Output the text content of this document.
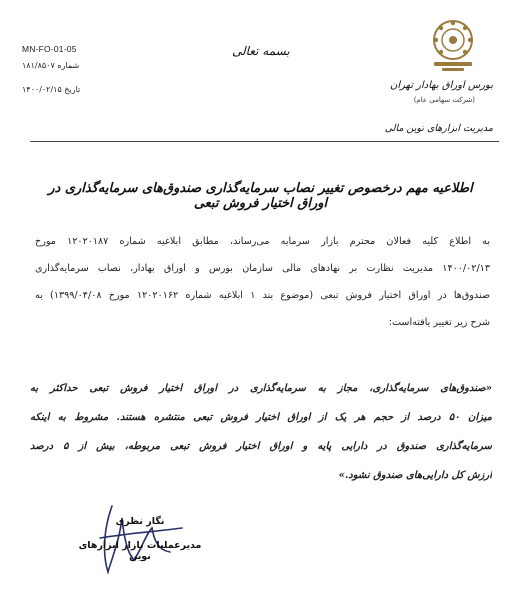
MN-FO-01-05
شماره ۱۸۱/۸۵۰۷
تاریخ ۱۴۰۰/۰۲/۱۵
بسمه تعالی
بورس اوراق بهادار تهران
(شرکت سهامی عام)
مدیریت ابزارهای نوین مالی
اطلاعیه مهم درخصوص تغییر نصاب سرمایه‌گذاری صندوق‌های سرمایه‌گذاری در اوراق اختیار فروش تبعی
به اطلاع کلیه فعالان محترم بازار سرمایه می‌رساند، مطابق ابلاغیه شماره ۱۲۰۲۰۱۸۷ مورخ
۱۴۰۰/۰۲/۱۳ مدیریت نظارت بر نهادهای مالی سازمان بورس و اوراق بهادار، نصاب سرمایه‌گذاری
صندوق‌ها در اوراق اختیار فروش تبعی (موضوع بند ۱ ابلاغیه شماره ۱۲۰۲۰۱۶۲ مورخ ۱۳۹۹/۰۴/۰۸) به
شرح زیر تغییر یافته‌است:
«صندوق‌های سرمایه‌گذاری، مجاز به سرمایه‌گذاری در اوراق اختیار فروش تبعی حداکثر به
میزان ۵۰ درصد از حجم هر یک از اوراق اختیار فروش تبعی منتشره هستند. مشروط به اینکه
سرمایه‌گذاری صندوق در دارایی پایه و اوراق اختیار فروش تبعی مربوطه، بیش از ۵ درصد
ارزش کل دارایی‌های صندوق نشود.»
نگار نظری
مدیرعملیات بازار ابزارهای نوین
